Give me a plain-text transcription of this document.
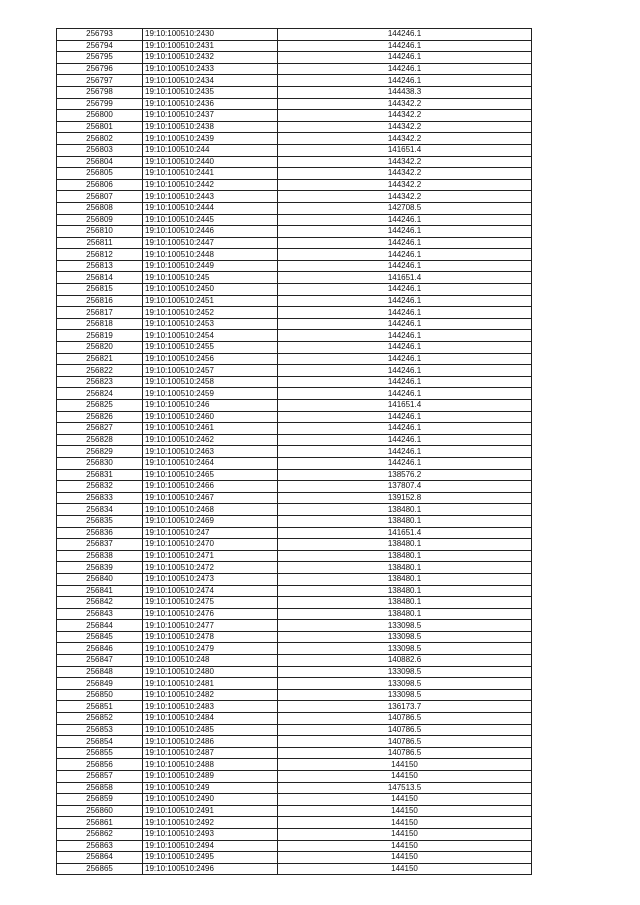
256793	19:10:100510:2430	144246.1
256794	19:10:100510:2431	144246.1
256795	19:10:100510:2432	144246.1
256796	19:10:100510:2433	144246.1
256797	19:10:100510:2434	144246.1
256798	19:10:100510:2435	144438.3
256799	19:10:100510:2436	144342.2
256800	19:10:100510:2437	144342.2
256801	19:10:100510:2438	144342.2
256802	19:10:100510:2439	144342.2
256803	19:10:100510:244	141651.4
256804	19:10:100510:2440	144342.2
256805	19:10:100510:2441	144342.2
256806	19:10:100510:2442	144342.2
256807	19:10:100510:2443	144342.2
256808	19:10:100510:2444	142708.5
256809	19:10:100510:2445	144246.1
256810	19:10:100510:2446	144246.1
256811	19:10:100510:2447	144246.1
256812	19:10:100510:2448	144246.1
256813	19:10:100510:2449	144246.1
256814	19:10:100510:245	141651.4
256815	19:10:100510:2450	144246.1
256816	19:10:100510:2451	144246.1
256817	19:10:100510:2452	144246.1
256818	19:10:100510:2453	144246.1
256819	19:10:100510:2454	144246.1
256820	19:10:100510:2455	144246.1
256821	19:10:100510:2456	144246.1
256822	19:10:100510:2457	144246.1
256823	19:10:100510:2458	144246.1
256824	19:10:100510:2459	144246.1
256825	19:10:100510:246	141651.4
256826	19:10:100510:2460	144246.1
256827	19:10:100510:2461	144246.1
256828	19:10:100510:2462	144246.1
256829	19:10:100510:2463	144246.1
256830	19:10:100510:2464	144246.1
256831	19:10:100510:2465	138576.2
256832	19:10:100510:2466	137807.4
256833	19:10:100510:2467	139152.8
256834	19:10:100510:2468	138480.1
256835	19:10:100510:2469	138480.1
256836	19:10:100510:247	141651.4
256837	19:10:100510:2470	138480.1
256838	19:10:100510:2471	138480.1
256839	19:10:100510:2472	138480.1
256840	19:10:100510:2473	138480.1
256841	19:10:100510:2474	138480.1
256842	19:10:100510:2475	138480.1
256843	19:10:100510:2476	138480.1
256844	19:10:100510:2477	133098.5
256845	19:10:100510:2478	133098.5
256846	19:10:100510:2479	133098.5
256847	19:10:100510:248	140882.6
256848	19:10:100510:2480	133098.5
256849	19:10:100510:2481	133098.5
256850	19:10:100510:2482	133098.5
256851	19:10:100510:2483	136173.7
256852	19:10:100510:2484	140786.5
256853	19:10:100510:2485	140786.5
256854	19:10:100510:2486	140786.5
256855	19:10:100510:2487	140786.5
256856	19:10:100510:2488	144150
256857	19:10:100510:2489	144150
256858	19:10:100510:249	147513.5
256859	19:10:100510:2490	144150
256860	19:10:100510:2491	144150
256861	19:10:100510:2492	144150
256862	19:10:100510:2493	144150
256863	19:10:100510:2494	144150
256864	19:10:100510:2495	144150
256865	19:10:100510:2496	144150
